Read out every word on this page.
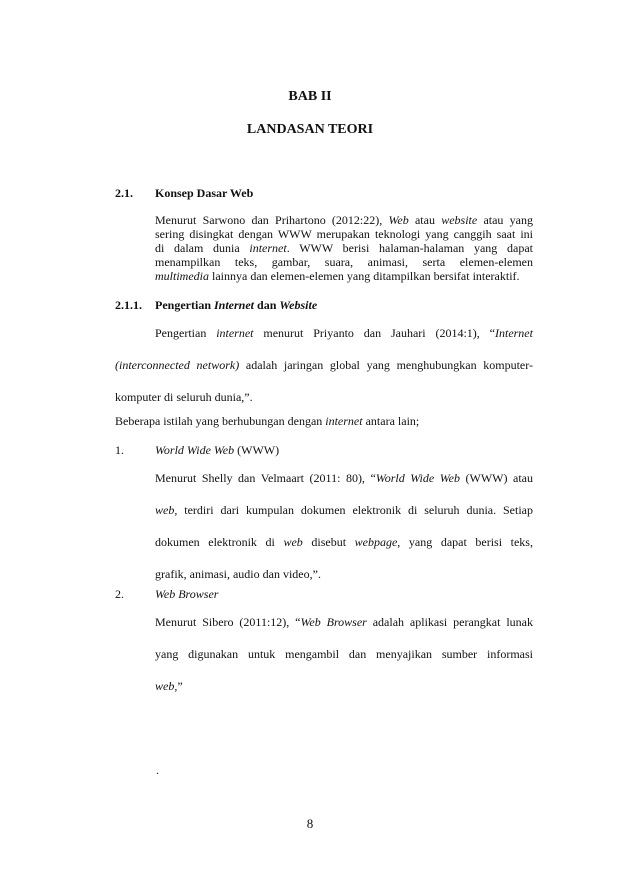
BAB II
LANDASAN TEORI
2.1. Konsep Dasar Web
Menurut Sarwono dan Prihartono (2012:22), Web atau website atau yang
sering disingkat dengan WWW merupakan teknologi yang canggih saat ini
di dalam dunia internet. WWW berisi halaman-halaman yang dapat
menampilkan teks, gambar, suara, animasi, serta elemen-elemen
multimedia lainnya dan elemen-elemen yang ditampilkan bersifat interaktif.
2.1.1. Pengertian Internet dan Website
Pengertian internet menurut Priyanto dan Jauhari (2014:1), “Internet
(interconnected network) adalah jaringan global yang menghubungkan komputer-
komputer di seluruh dunia,”.
Beberapa istilah yang berhubungan dengan internet antara lain;
1.	World Wide Web (WWW)
Menurut Shelly dan Velmaart (2011: 80), “World Wide Web (WWW) atau
web, terdiri dari kumpulan dokumen elektronik di seluruh dunia. Setiap
dokumen elektronik di web disebut webpage, yang dapat berisi teks,
grafik, animasi, audio dan video,”.
2.	Web Browser
Menurut Sibero (2011:12), “Web Browser adalah aplikasi perangkat lunak
yang digunakan untuk mengambil dan menyajikan sumber informasi
web,”
.
8
